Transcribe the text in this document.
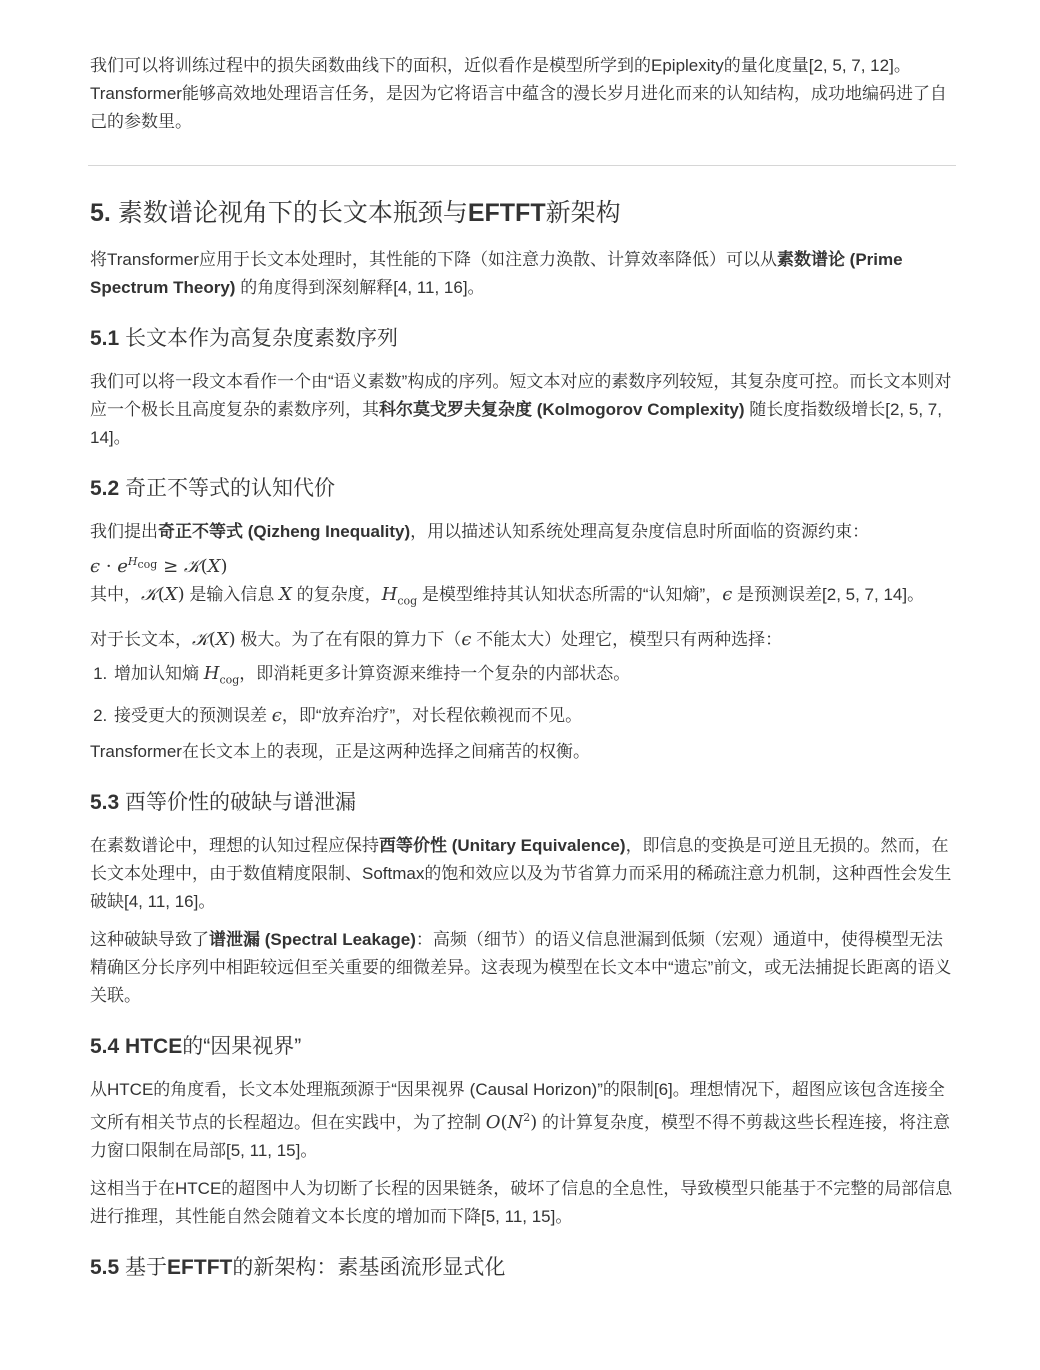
我们可以将训练过程中的损失函数曲线下的面积，近似看作是模型所学到的Epiplexity的量化度量[2, 5, 7, 12]。Transformer能够高效地处理语言任务，是因为它将语言中蕴含的漫长岁月进化而来的认知结构，成功地编码进了自己的参数里。

5. 素数谱论视角下的长文本瓶颈与EFTFT新架构

将Transformer应用于长文本处理时，其性能的下降（如注意力涣散、计算效率降低）可以从素数谱论 (Prime Spectrum Theory) 的角度得到深刻解释[4, 11, 16]。

5.1 长文本作为高复杂度素数序列

我们可以将一段文本看作一个由“语义素数”构成的序列。短文本对应的素数序列较短，其复杂度可控。而长文本则对应一个极长且高度复杂的素数序列，其科尔莫戈罗夫复杂度 (Kolmogorov Complexity) 随长度指数级增长[2, 5, 7, 14]。

5.2 奇正不等式的认知代价

我们提出奇正不等式 (Qizheng Inequality)，用以描述认知系统处理高复杂度信息时所面临的资源约束：

$\epsilon \cdot e^{H_{cog}}$ ≥ 𝒦(X)

其中，𝒦(X) 是输入信息 X 的复杂度，$H_{cog}$ 是模型维持其认知状态所需的“认知熵”，ϵ 是预测误差[2, 5, 7, 14]。

对于长文本，𝒦(X) 极大。为了在有限的算力下（ϵ 不能太大）处理它，模型只有两种选择：

1. 增加认知熵 $H_{cog}$，即消耗更多计算资源来维持一个复杂的内部状态。
2. 接受更大的预测误差 ϵ，即“放弃治疗”，对长程依赖视而不见。

Transformer在长文本上的表现，正是这两种选择之间痛苦的权衡。

5.3 酉等价性的破缺与谱泄漏

在素数谱论中，理想的认知过程应保持酉等价性 (Unitary Equivalence)，即信息的变换是可逆且无损的。然而，在长文本处理中，由于数值精度限制、Softmax的饱和效应以及为节省算力而采用的稀疏注意力机制，这种酉性会发生破缺[4, 11, 16]。

这种破缺导致了谱泄漏 (Spectral Leakage)：高频（细节）的语义信息泄漏到低频（宏观）通道中，使得模型无法精确区分长序列中相距较远但至关重要的细微差异。这表现为模型在长文本中“遗忘”前文，或无法捕捉长距离的语义关联。

5.4 HTCE的“因果视界”

从HTCE的角度看，长文本处理瓶颈源于“因果视界 (Causal Horizon)”的限制[6]。理想情况下，超图应该包含连接全文所有相关节点的长程超边。但在实践中，为了控制 $O(N^2)$ 的计算复杂度，模型不得不剪裁这些长程连接，将注意力窗口限制在局部[5, 11, 15]。

这相当于在HTCE的超图中人为切断了长程的因果链条，破坏了信息的全息性，导致模型只能基于不完整的局部信息进行推理，其性能自然会随着文本长度的增加而下降[5, 11, 15]。

5.5 基于EFTFT的新架构：素基函流形显式化
